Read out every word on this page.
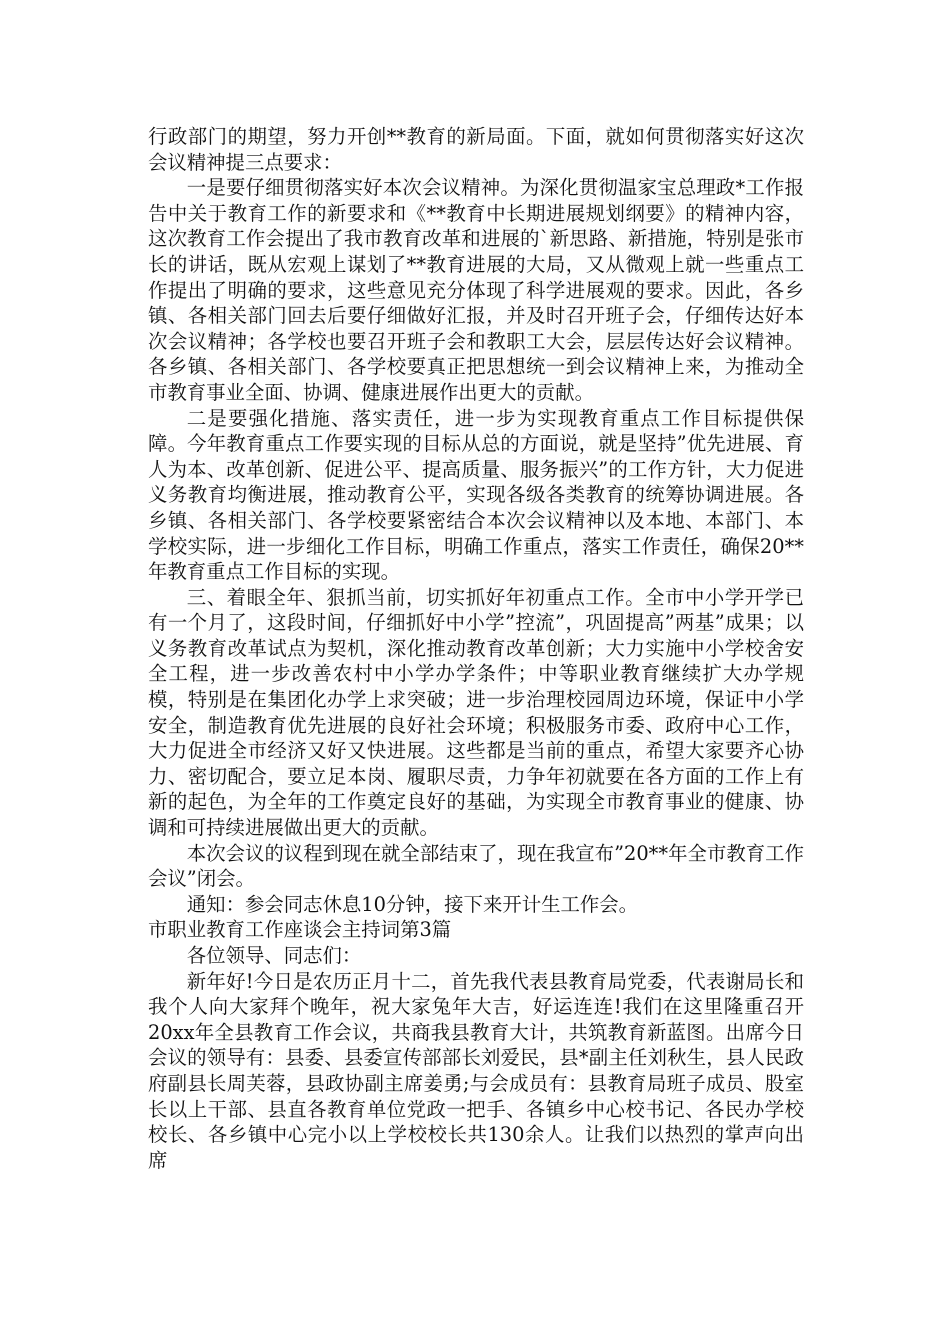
行政部门的期望，努力开创**教育的新局面。下面，就如何贯彻落实好这次会议精神提三点要求：

一是要仔细贯彻落实好本次会议精神。为深化贯彻温家宝总理政*工作报告中关于教育工作的新要求和《**教育中长期进展规划纲要》的精神内容，这次教育工作会提出了我市教育改革和进展的`新思路、新措施，特别是张市长的讲话，既从宏观上谋划了**教育进展的大局，又从微观上就一些重点工作提出了明确的要求，这些意见充分体现了科学进展观的要求。因此，各乡镇、各相关部门回去后要仔细做好汇报，并及时召开班子会，仔细传达好本次会议精神；各学校也要召开班子会和教职工大会，层层传达好会议精神。各乡镇、各相关部门、各学校要真正把思想统一到会议精神上来，为推动全市教育事业全面、协调、健康进展作出更大的贡献。

二是要强化措施、落实责任，进一步为实现教育重点工作目标提供保障。今年教育重点工作要实现的目标从总的方面说，就是坚持”优先进展、育人为本、改革创新、促进公平、提高质量、服务振兴”的工作方针，大力促进义务教育均衡进展，推动教育公平，实现各级各类教育的统筹协调进展。各乡镇、各相关部门、各学校要紧密结合本次会议精神以及本地、本部门、本学校实际，进一步细化工作目标，明确工作重点，落实工作责任，确保20**年教育重点工作目标的实现。

三、着眼全年、狠抓当前，切实抓好年初重点工作。全市中小学开学已有一个月了，这段时间，仔细抓好中小学”控流”，巩固提高”两基”成果；以义务教育改革试点为契机，深化推动教育改革创新；大力实施中小学校舍安全工程，进一步改善农村中小学办学条件；中等职业教育继续扩大办学规模，特别是在集团化办学上求突破；进一步治理校园周边环境，保证中小学安全，制造教育优先进展的良好社会环境；积极服务市委、政府中心工作，大力促进全市经济又好又快进展。这些都是当前的重点，希望大家要齐心协力、密切配合，要立足本岗、履职尽责，力争年初就要在各方面的工作上有新的起色，为全年的工作奠定良好的基础，为实现全市教育事业的健康、协调和可持续进展做出更大的贡献。

本次会议的议程到现在就全部结束了，现在我宣布”20**年全市教育工作会议”闭会。

通知：参会同志休息10分钟，接下来开计生工作会。

市职业教育工作座谈会主持词第3篇

各位领导、同志们：

新年好!今日是农历正月十二，首先我代表县教育局党委，代表谢局长和我个人向大家拜个晚年，祝大家兔年大吉，好运连连!我们在这里隆重召开20xx年全县教育工作会议，共商我县教育大计，共筑教育新蓝图。出席今日会议的领导有：县委、县委宣传部部长刘爱民，县*副主任刘秋生，县人民政府副县长周芙蓉，县政协副主席姜勇;与会成员有：县教育局班子成员、股室长以上干部、县直各教育单位党政一把手、各镇乡中心校书记、各民办学校校长、各乡镇中心完小以上学校校长共130余人。让我们以热烈的掌声向出席
